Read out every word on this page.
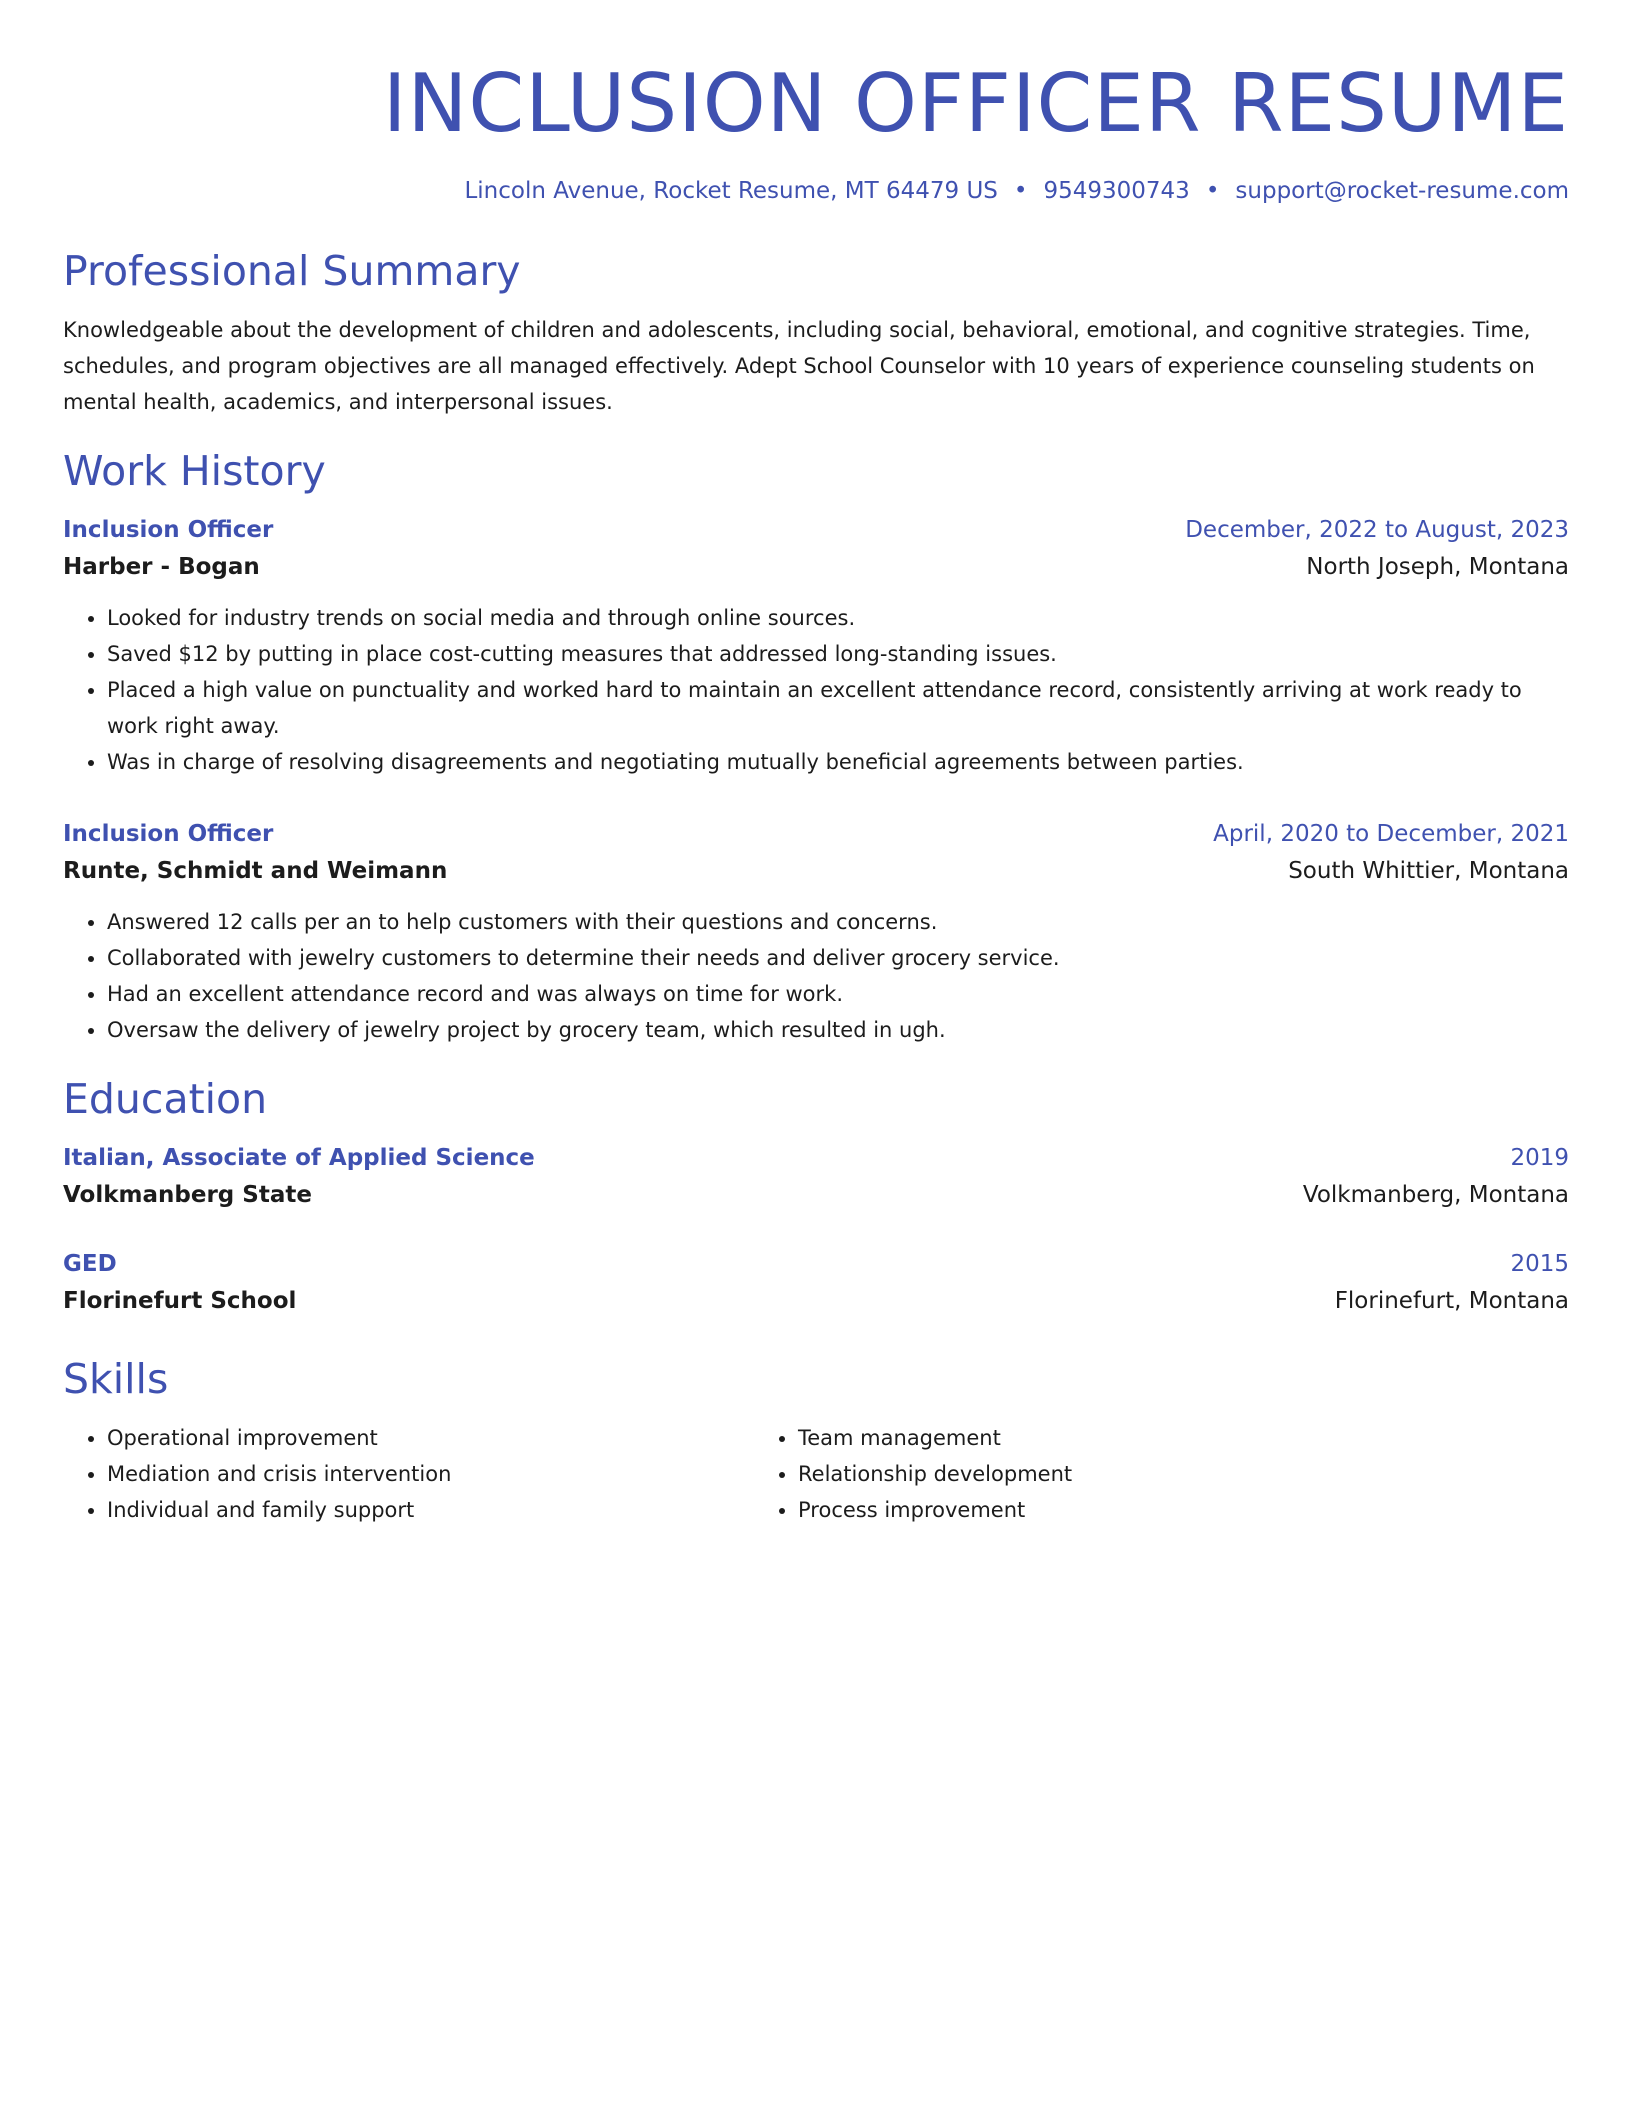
INCLUSION OFFICER RESUME
Lincoln Avenue, Rocket Resume, MT 64479 US • 9549300743 • support@rocket-resume.com
Professional Summary
Knowledgeable about the development of children and adolescents, including social, behavioral, emotional, and cognitive strategies. Time, schedules, and program objectives are all managed effectively. Adept School Counselor with 10 years of experience counseling students on mental health, academics, and interpersonal issues.
Work History
Inclusion Officer	December, 2022 to August, 2023
Harber - Bogan	North Joseph, Montana
• Looked for industry trends on social media and through online sources.
• Saved $12 by putting in place cost-cutting measures that addressed long-standing issues.
• Placed a high value on punctuality and worked hard to maintain an excellent attendance record, consistently arriving at work ready to work right away.
• Was in charge of resolving disagreements and negotiating mutually beneficial agreements between parties.
Inclusion Officer	April, 2020 to December, 2021
Runte, Schmidt and Weimann	South Whittier, Montana
• Answered 12 calls per an to help customers with their questions and concerns.
• Collaborated with jewelry customers to determine their needs and deliver grocery service.
• Had an excellent attendance record and was always on time for work.
• Oversaw the delivery of jewelry project by grocery team, which resulted in ugh.
Education
Italian, Associate of Applied Science	2019
Volkmanberg State	Volkmanberg, Montana
GED	2015
Florinefurt School	Florinefurt, Montana
Skills
• Operational improvement
• Mediation and crisis intervention
• Individual and family support
• Team management
• Relationship development
• Process improvement
